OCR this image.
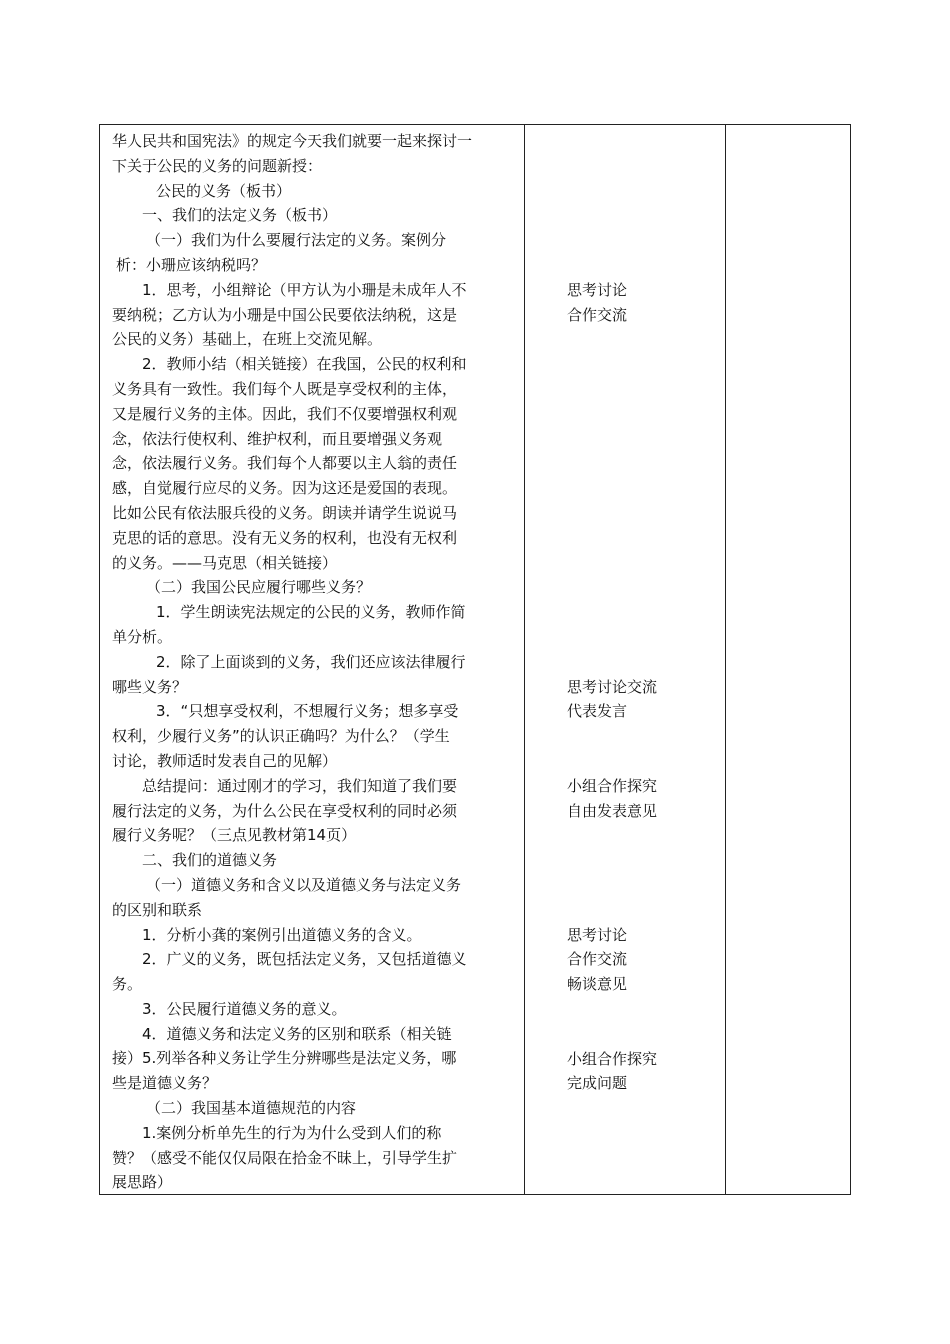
华人民共和国宪法》的规定今天我们就要一起来探讨一
下关于公民的义务的问题新授：
公民的义务（板书）
一、我们的法定义务（板书）
（一）我们为什么要履行法定的义务。案例分
析：小珊应该纳税吗？
1．思考，小组辩论（甲方认为小珊是未成年人不
要纳税；乙方认为小珊是中国公民要依法纳税，这是
公民的义务）基础上，在班上交流见解。
2．教师小结（相关链接）在我国，公民的权利和
义务具有一致性。我们每个人既是享受权利的主体，
又是履行义务的主体。因此，我们不仅要增强权利观
念，依法行使权利、维护权利，而且要增强义务观
念，依法履行义务。我们每个人都要以主人翁的责任
感，自觉履行应尽的义务。因为这还是爱国的表现。
比如公民有依法服兵役的义务。朗读并请学生说说马
克思的话的意思。没有无义务的权利，也没有无权利
的义务。——马克思（相关链接）
（二）我国公民应履行哪些义务？
1．学生朗读宪法规定的公民的义务，教师作简
单分析。
2．除了上面谈到的义务，我们还应该法律履行
哪些义务？
3．“只想享受权利，不想履行义务；想多享受
权利，少履行义务”的认识正确吗？为什么？（学生
讨论，教师适时发表自己的见解）
总结提问：通过刚才的学习，我们知道了我们要
履行法定的义务，为什么公民在享受权利的同时必须
履行义务呢？（三点见教材第14页）
二、我们的道德义务
（一）道德义务和含义以及道德义务与法定义务
的区别和联系
1．分析小龚的案例引出道德义务的含义。
2．广义的义务，既包括法定义务，又包括道德义
务。
3．公民履行道德义务的意义。
4．道德义务和法定义务的区别和联系（相关链
接）5.列举各种义务让学生分辨哪些是法定义务，哪
些是道德义务？
（二）我国基本道德规范的内容
1.案例分析单先生的行为为什么受到人们的称
赞？（感受不能仅仅局限在拾金不昧上，引导学生扩
展思路）
思考讨论
合作交流
思考讨论交流
代表发言
小组合作探究
自由发表意见
思考讨论
合作交流
畅谈意见
小组合作探究
完成问题
